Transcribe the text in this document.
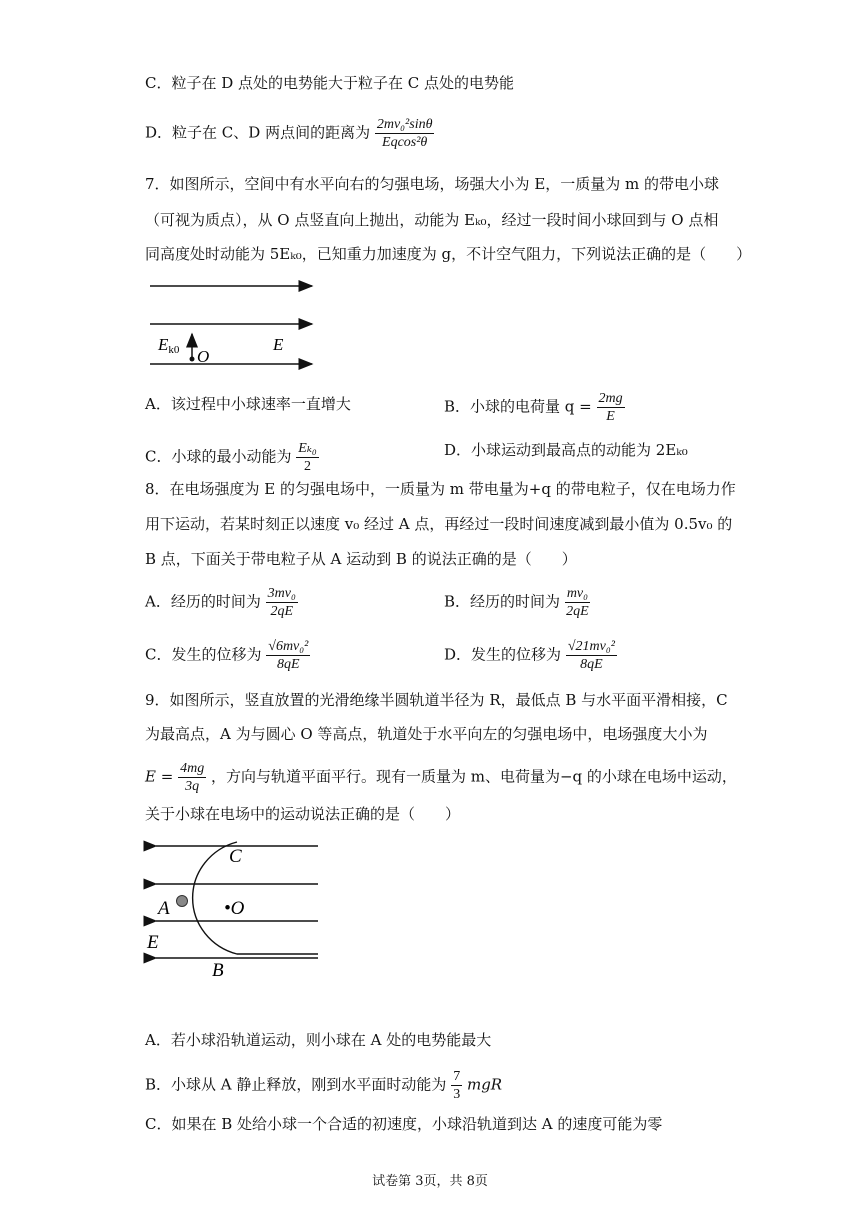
C．粒子在 D 点处的电势能大于粒子在 C 点处的电势能
D．粒子在 C、D 两点间的距离为 $\frac{\text{2mv₀²sinθ}}{\text{Eqcos²θ}}$
7．如图所示，空间中有水平向右的匀强电场，场强大小为 E，一质量为 m 的带电小球
（可视为质点），从 O 点竖直向上抛出，动能为 Eₖ₀，经过一段时间小球回到与 O 点相
同高度处时动能为 5Eₖ₀，已知重力加速度为 g，不计空气阻力，下列说法正确的是（　　）
Ek0 O
E
A．该过程中小球速率一直增大	B．小球的电荷量 $q = \frac{2mg}{E}$
C．小球的最小动能为 $\frac{\text{Eₖ₀}}{2}$	D．小球运动到最高点的动能为 2Eₖ₀
8．在电场强度为 E 的匀强电场中，一质量为 m 带电量为+q 的带电粒子，仅在电场力作
用下运动，若某时刻正以速度 v₀ 经过 A 点，再经过一段时间速度减到最小值为 0.5v₀ 的
B 点，下面关于带电粒子从 A 运动到 B 的说法正确的是（　　）
A．经历的时间为 $\frac{\text{3mv₀}}{2qE}$	B．经历的时间为 $\frac{\text{mv₀}}{2qE}$
C．发生的位移为 $\frac{\text{√6mv₀²}}{8qE}$	D．发生的位移为 $\frac{\text{√21mv₀²}}{8qE}$
9．如图所示，竖直放置的光滑绝缘半圆轨道半径为 R，最低点 B 与水平面平滑相接，C
为最高点，A 为与圆心 O 等高点，轨道处于水平向左的匀强电场中，电场强度大小为
$E = \frac{4mg}{3q}$ ，方向与轨道平面平行。现有一质量为 m、电荷量为−q 的小球在电场中运动，
关于小球在电场中的运动说法正确的是（　　）
C
A	•O
E
B
A．若小球沿轨道运动，则小球在 A 处的电势能最大
B．小球从 A 静止释放，刚到水平面时动能为 $\frac{7}{3}$ mgR
C．如果在 B 处给小球一个合适的初速度，小球沿轨道到达 A 的速度可能为零
试卷第 3页，共 8页
